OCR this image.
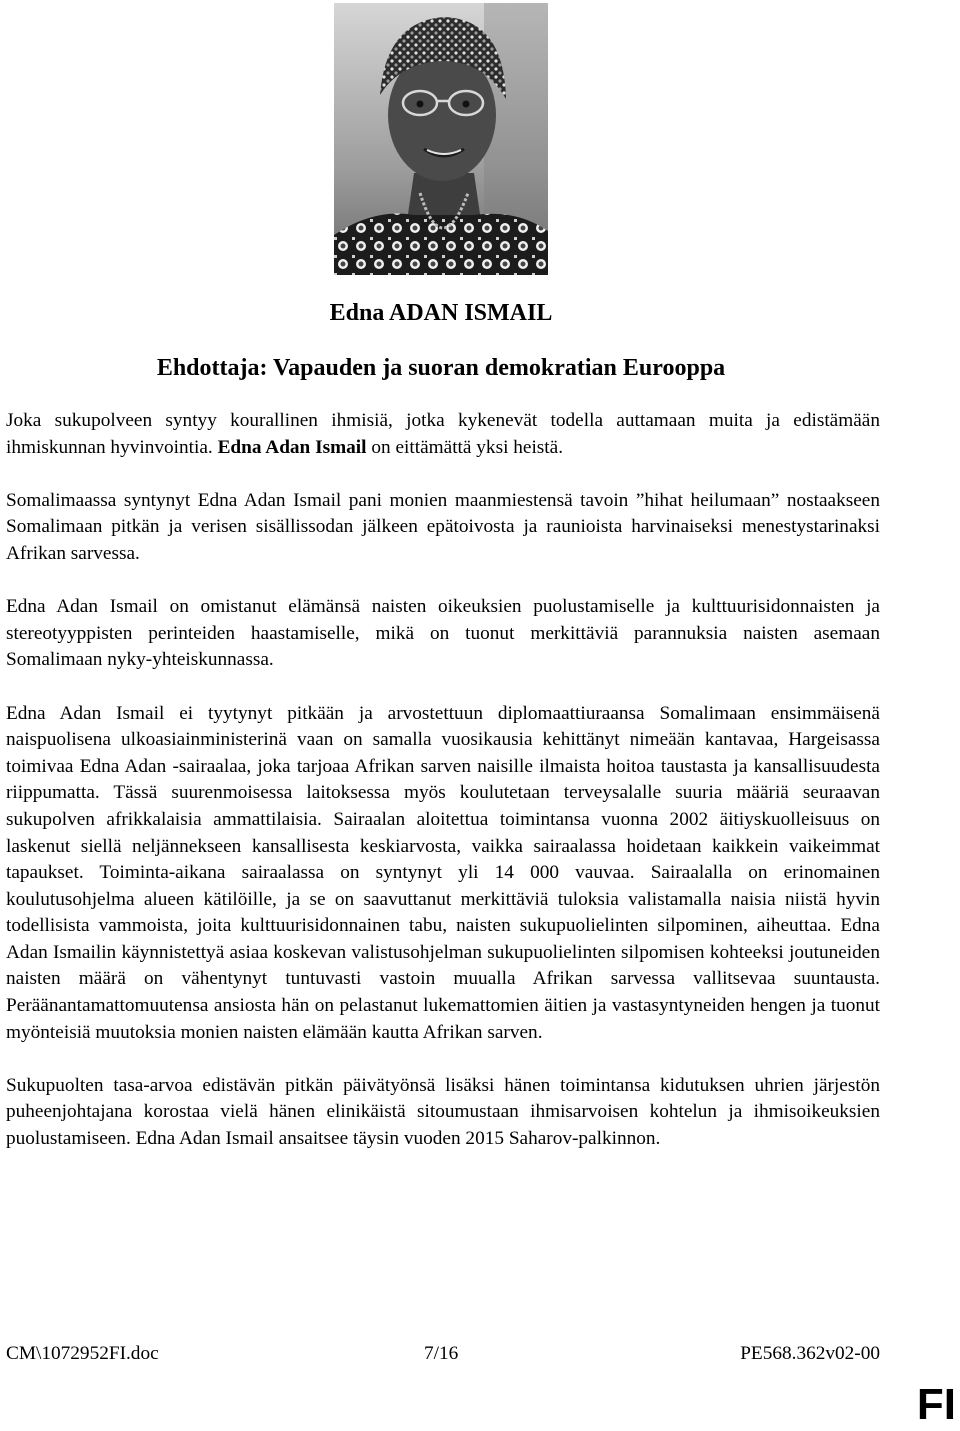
Edna ADAN ISMAIL
Ehdottaja: Vapauden ja suoran demokratian Eurooppa

Joka sukupolveen syntyy kourallinen ihmisiä, jotka kykenevät todella auttamaan muita ja edistämään ihmiskunnan hyvinvointia. Edna Adan Ismail on eittämättä yksi heistä.

Somalimaassa syntynyt Edna Adan Ismail pani monien maanmiestensä tavoin ”hihat heilumaan” nostaakseen Somalimaan pitkän ja verisen sisällissodan jälkeen epätoivosta ja raunioista harvinaiseksi menestystarinaksi Afrikan sarvessa.

Edna Adan Ismail on omistanut elämänsä naisten oikeuksien puolustamiselle ja kulttuurisidonnaisten ja stereotyyppisten perinteiden haastamiselle, mikä on tuonut merkittäviä parannuksia naisten asemaan Somalimaan nyky-yhteiskunnassa.

Edna Adan Ismail ei tyytynyt pitkään ja arvostettuun diplomaattiuraansa Somalimaan ensimmäisenä naispuolisena ulkoasiainministerinä vaan on samalla vuosikausia kehittänyt nimeään kantavaa, Hargeisassa toimivaa Edna Adan -sairaalaa, joka tarjoaa Afrikan sarven naisille ilmaista hoitoa taustasta ja kansallisuudesta riippumatta. Tässä suurenmoisessa laitoksessa myös koulutetaan terveysalalle suuria määriä seuraavan sukupolven afrikkalaisia ammattilaisia. Sairaalan aloitettua toimintansa vuonna 2002 äitiyskuolleisuus on laskenut siellä neljännekseen kansallisesta keskiarvosta, vaikka sairaalassa hoidetaan kaikkein vaikeimmat tapaukset. Toiminta-aikana sairaalassa on syntynyt yli 14 000 vauvaa. Sairaalalla on erinomainen koulutusohjelma alueen kätilöille, ja se on saavuttanut merkittäviä tuloksia valistamalla naisia niistä hyvin todellisista vammoista, joita kulttuurisidonnainen tabu, naisten sukupuolielinten silpominen, aiheuttaa. Edna Adan Ismailin käynnistettyä asiaa koskevan valistusohjelman sukupuolielinten silpomisen kohteeksi joutuneiden naisten määrä on vähentynyt tuntuvasti vastoin muualla Afrikan sarvessa vallitsevaa suuntausta. Peräänantamattomuutensa ansiosta hän on pelastanut lukemattomien äitien ja vastasyntyneiden hengen ja tuonut myönteisiä muutoksia monien naisten elämään kautta Afrikan sarven.

Sukupuolten tasa-arvoa edistävän pitkän päivätyönsä lisäksi hänen toimintansa kidutuksen uhrien järjestön puheenjohtajana korostaa vielä hänen elinikäistä sitoumustaan ihmisarvoisen kohtelun ja ihmisoikeuksien puolustamiseen. Edna Adan Ismail ansaitsee täysin vuoden 2015 Saharov-palkinnon.

CM\1072952FI.doc	7/16	PE568.362v02-00
FI
